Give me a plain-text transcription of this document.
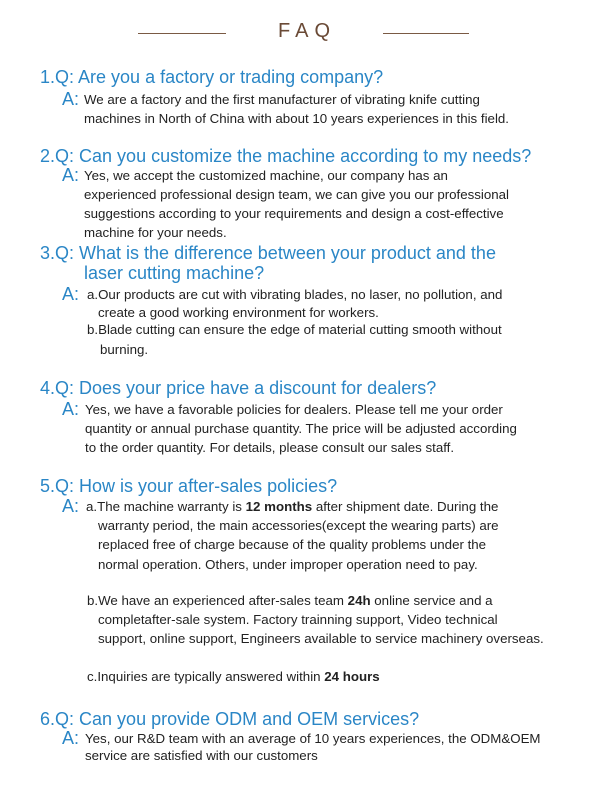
FAQ
1.Q: Are you a factory or trading company?
A: We are a factory and the first manufacturer of vibrating knife cutting
machines in North of China with about 10 years experiences in this field.
2.Q: Can you customize the machine according to my needs?
A: Yes, we accept the customized machine, our company has an
experienced professional design team, we can give you our professional
suggestions according to your requirements and design a cost-effective
machine for your needs.
3.Q: What is the difference between your product and the
laser cutting machine?
A: a.Our products are cut with vibrating blades, no laser, no pollution, and
create a good working environment for workers.
b.Blade cutting can ensure the edge of material cutting smooth without
burning.
4.Q: Does your price have a discount for dealers?
A: Yes, we have a favorable policies for dealers. Please tell me your order
quantity or annual purchase quantity. The price will be adjusted according
to the order quantity. For details, please consult our sales staff.
5.Q: How is your after-sales policies?
A: a.The machine warranty is 12 months after shipment date. During the
warranty period, the main accessories(except the wearing parts) are
replaced free of charge because of the quality problems under the
normal operation. Others, under improper operation need to pay.
b.We have an experienced after-sales team 24h online service and a
completafter-sale system. Factory trainning support, Video technical
support, online support, Engineers available to service machinery overseas.
c.Inquiries are typically answered within 24 hours
6.Q: Can you provide ODM and OEM services?
A: Yes, our R&D team with an average of 10 years experiences, the ODM&OEM
service are satisfied with our customers
